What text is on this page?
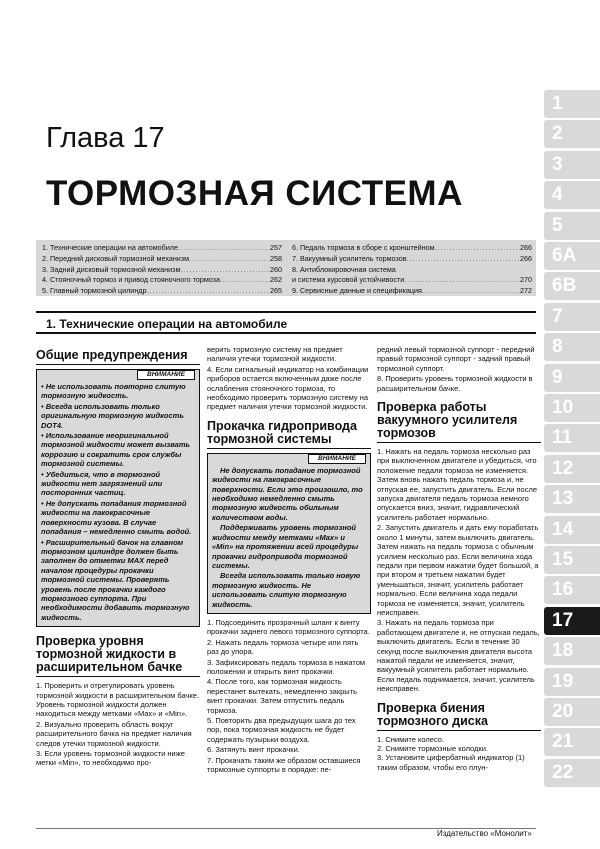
1
2
3
4
5
6A
6B
7
8
9
10
11
12
13
14
15
16
17
18
19
20
21
22
Глава 17
ТОРМОЗНАЯ СИСТЕМА
1. Технические операции на автомобиле .....	257
2. Передний дисковый тормозной механизм .....	258
3. Задний дисковый тормозной механизм .....	260
4. Стояночный тормоз и привод стояночного тормоза .....	262
5. Главный тормозной цилиндр .....	265
6. Педаль тормоза в сборе с кронштейном .....	266
7. Вакуумный усилитель тормозов .....	266
8. Антиблокировочная система
и система курсовой устойчивости .....	270
9. Сервисные данные и спецификация .....	272
1. Технические операции на автомобиле
Общие предупреждения
ВНИМАНИЕ

• Не использовать повторно слитую тормозную жидкость.

• Всегда использовать только оригинальную тормозную жидкость DOT4.

• Использование неоригинальной тормозной жидкости может вызвать коррозию и сократить срок службы тормозной системы.

• Убедиться, что в тормозной жидкости нет загрязнений или посторонних частиц.

• Не допускать попадания тормозной жидкости на лакокрасочные поверхности кузова. В случае попадания – немедленно смыть водой.

• Расширительный бачок на главном тормозном цилиндре должен быть заполнен до отметки MAX перед началом процедуры прокачки тормозной системы. Проверять уровень после прокачки каждого тормозного суппорта. При необходимости добавить тормозную жидкость.

Проверка уровня тормозной жидкости в расширительном бачке

1. Проверить и отрегулировать уровень тормозной жидкости в расширительном бачке. Уровень тормозной жидкости должен находиться между метками «Max» и «Min».

2. Визуально проверить область вокруг расширительного бачка на предмет наличия следов утечки тормозной жидкости.

3. Если уровень тормозной жидкости ниже метки «Min», то необходимо про-

верить тормозную систему на предмет наличия утечки тормозной жидкости.

4. Если сигнальный индикатор на комбинации приборов остается включенным даже после ослабления стояночного тормоза, то необходимо проверить тормозную систему на предмет наличия утечки тормозной жидкости.

Прокачка гидропривода тормозной системы
ВНИМАНИЕ

Не допускать попадание тормозной жидкости на лакокрасочные поверхности. Если это произошло, то необходимо немедленно смыть тормозную жидкость обильным количеством воды.

Поддерживать уровень тормозной жидкости между метками «Max» и «Min» на протяжении всей процедуры прокачки гидропривода тормозной системы.

Всегда использовать только новую тормозную жидкость. Не использовать слитую тормозную жидкость.

1. Подсоединить прозрачный шланг к винту прокачки заднего левого тормозного суппорта.

2. Нажать педаль тормоза четыре или пять раз до упора.

3. Зафиксировать педаль тормоза в нажатом положении и открыть винт прокачки.

4. После того, как тормозная жидкость перестанет вытекать, немедленно закрыть винт прокачки. Затем отпустить педаль тормоза.

5. Повторить два предыдущих шага до тех пор, пока тормозная жидкость не будет содержать пузырьки воздуха.

6. Затянуть винт прокачки.

7. Прокачать таким же образом оставшиеся тормозные суппорты в порядке: пе-

редний левый тормозной суппорт - передний правый тормозной суппорт - задний правый тормозной суппорт.

8. Проверить уровень тормозной жидкости в расширительном бачке.

Проверка работы вакуумного усилителя тормозов

1. Нажать на педаль тормоза несколько раз при выключенном двигателе и убедиться, что положение педали тормоза не изменяется. Затем вновь нажать педаль тормоза и, не отпуская ее, запустить двигатель. Если после запуска двигателя педаль тормоза немного опускается вниз, значит, гидравлический усилитель работает нормально.

2. Запустить двигатель и дать ему поработать около 1 минуты, затем выключить двигатель. Затем нажать на педаль тормоза с обычным усилием несколько раз. Если величина хода педали при первом нажатии будет большой, а при втором и третьем нажатии будет уменьшаться, значит, усилитель работает нормально. Если величина хода педали тормоза не изменяется, значит, усилитель неисправен.

3. Нажать на педаль тормоза при работающем двигателе и, не отпуская педаль, выключить двигатель. Если в течение 30 секунд после выключения двигателя высота нажатой педали не изменяется, значит, вакуумный усилитель работает нормально. Если педаль поднимается, значит, усилитель неисправен.

Проверка биения тормозного диска

1. Снимите колесо.

2. Снимите тормозные колодки.

3. Установите цифербатный индикатор (1) таким образом, чтобы его плун-

Издательство «Монолит»
